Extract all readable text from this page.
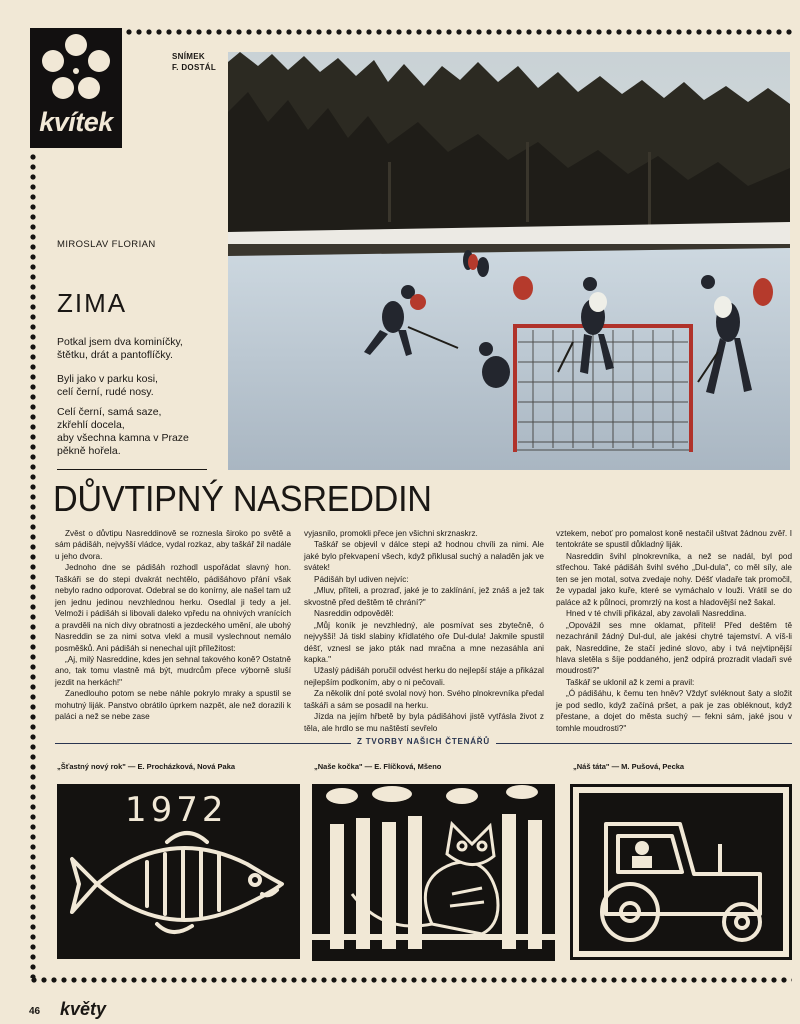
kvítek
SNÍMEK
F. DOSTÁL
MIROSLAV FLORIAN
ZIMA
Potkal jsem dva kominíčky,
štětku, drát a pantoflíčky.
Byli jako v parku kosi,
celí černí, rudé nosy.
Celí černí, samá saze,
zkřehlí docela,
aby všechna kamna v Praze
pěkně hořela.
DŮVTIPNÝ NASREDDIN

Zvěst o důvtipu Nasreddinově se roznesla široko po světě a sám pádišáh, nejvyšší vládce, vydal rozkaz, aby taškář žil nadále u jeho dvora.

Jednoho dne se pádišáh rozhodl uspořádat slavný hon. Taškáři se do stepi dvakrát nechtělo, pádišáhovo přání však nebylo radno odporovat. Odebral se do konírny, ale našel tam už jen jednu jedinou nevzhlednou herku. Osedlal ji tedy a jel. Velmoži i pádišáh si libovali daleko vpředu na ohnivých vranících a pravděli na nich divy obratnosti a jezdeckého umění, ale ubohý Nasreddin se za nimi sotva vlekl a musil vyslechnout nemálo posměšků. Ani pádišáh si nenechal ujít příležitost:

„Aj, milý Nasreddine, kdes jen sehnal takového koně? Ostatně ano, tak tomu vlastně má být, mudrcům přece výborně sluší jezdit na herkách!"

Zanedlouho potom se nebe náhle pokrylo mraky a spustil se mohutný liják. Panstvo obrátilo úprkem nazpět, ale než dorazili k paláci a než se nebe zase

vyjasnilo, promokli přece jen všichni skrznaskrz.

Taškář se objevil v dálce stepi až hodnou chvíli za nimi. Ale jaké bylo překvapení všech, když přiklusal suchý a naladěn jak ve svátek!

Pádišáh byl udiven nejvíc:

„Mluv, příteli, a prozraď, jaké je to zaklínání, jež znáš a jež tak skvostně před deštěm tě chrání?"

Nasreddin odpověděl:

„Můj koník je nevzhledný, ale posmívat ses zbytečně, ó nejvyšší! Já tiskl slabiny křídlatého oře Dul-dula! Jakmile spustil déšť, vznesl se jako pták nad mračna a mne nezasáhla ani kapka."

Užaslý pádišáh poručil odvést herku do nejlepší stáje a přikázal nejlepším podkoním, aby o ni pečovali.

Za několik dní poté svolal nový hon. Svého plnokrevníka předal taškáři a sám se posadil na herku.

Jízda na jejím hřbetě by byla pádišáhovi jistě vytřásla život z těla, ale hrdlo se mu naštěstí sevřelo

vztekem, neboť pro pomalost koně nestačil uštvat žádnou zvěř. I tentokráte se spustil důkladný liják.

Nasreddin švihl plnokrevníka, a než se nadál, byl pod střechou. Také pádišáh švihl svého „Dul-dula", co měl síly, ale ten se jen motal, sotva zvedaje nohy. Déšť vladaře tak promočil, že vypadal jako kuře, které se vymáchalo v louži. Vrátil se do paláce až k půlnoci, promrzlý na kost a hladovější než šakal.

Hned v té chvíli přikázal, aby zavolali Nasreddina.

„Opovážil ses mne oklamat, příteli! Před deštěm tě nezachránil žádný Dul-dul, ale jakési chytré tajemství. A víš-li pak, Nasreddine, že stačí jediné slovo, aby i tvá nejvtipnější hlava sletěla s šíje poddaného, jenž odpírá prozradit vladaři své moudrosti?"

Taškář se uklonil až k zemi a pravil:

„Ó pádišáhu, k čemu ten hněv? Vždyť svléknout šaty a složit je pod sedlo, když začíná pršet, a pak je zas obléknout, když přestane, a dojet do města suchý — fekni sám, jaké jsou v tomhle moudrosti?"

Z TVORBY NAŠICH ČTENÁŘŮ
„Šťastný nový rok" — E. Procházková, Nová Paka	„Naše kočka" — E. Flíčková, Mšeno	„Náš táta" — M. Pušová, Pecka
1972
46 květy
